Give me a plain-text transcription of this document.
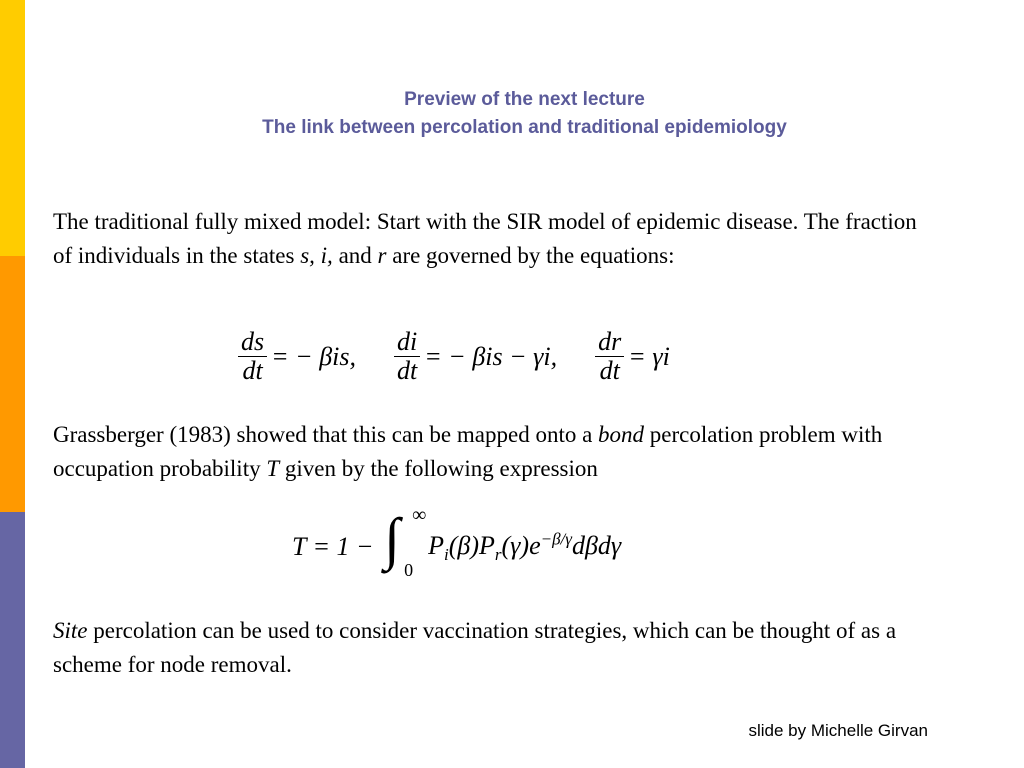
Preview of the next lecture
The link between percolation and traditional epidemiology
The traditional fully mixed model: Start with the SIR model of epidemic disease. The fraction of individuals in the states s, i, and r are governed by the equations:
$\frac{ds}{dt}$ = − βis, $\frac{di}{dt}$ = − βis − γi, $\frac{dr}{dt} = \gamma i$
Grassberger (1983) showed that this can be mapped onto a bond percolation problem with occupation probability T given by the following expression
T = 1 − ∫ ∞
0
$P_i(\beta)P_r(\gamma)e^{-\beta/\gamma}d\beta d\gamma$
Site percolation can be used to consider vaccination strategies, which can be thought of as a scheme for node removal.
slide by Michelle Girvan
